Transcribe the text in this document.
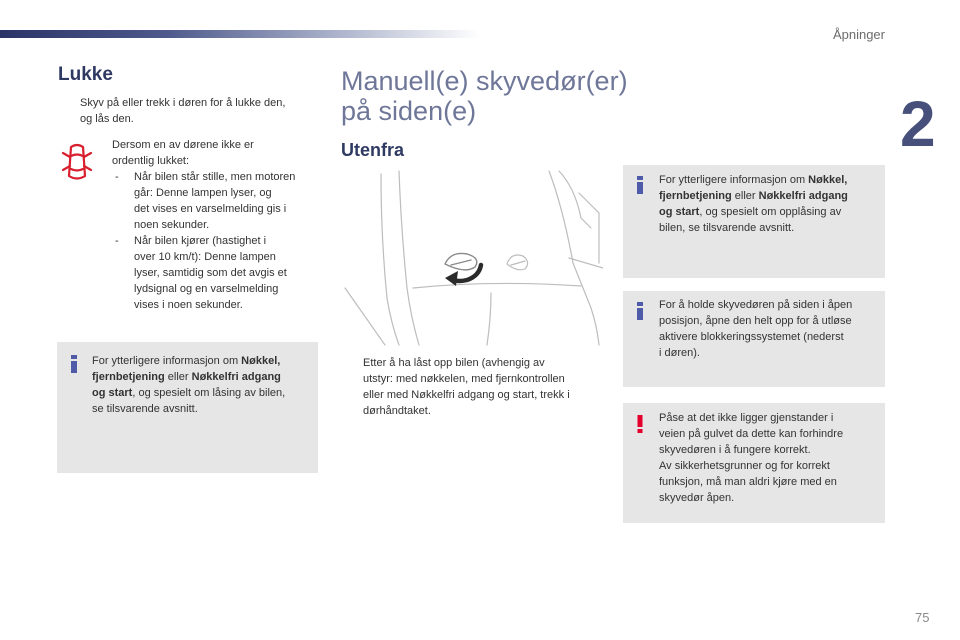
Åpninger
2
75
Lukke
Skyv på eller trekk i døren for å lukke den,
og lås den.
Dersom en av dørene ikke er
ordentlig lukket:
- Når bilen står stille, men motoren
går: Denne lampen lyser, og
det vises en varselmelding gis i
noen sekunder.
- Når bilen kjører (hastighet i
over 10 km/t): Denne lampen
lyser, samtidig som det avgis et
lydsignal og en varselmelding
vises i noen sekunder.
For ytterligere informasjon om Nøkkel,
fjernbetjening eller Nøkkelfri adgang
og start, og spesielt om låsing av bilen,
se tilsvarende avsnitt.
Manuell(e) skyvedør(er)
på siden(e)
Utenfra
Etter å ha låst opp bilen (avhengig av
utstyr: med nøkkelen, med fjernkontrollen
eller med Nøkkelfri adgang og start, trekk i
dørhåndtaket.
For ytterligere informasjon om Nøkkel,
fjernbetjening eller Nøkkelfri adgang
og start, og spesielt om opplåsing av
bilen, se tilsvarende avsnitt.
For å holde skyvedøren på siden i åpen
posisjon, åpne den helt opp for å utløse
aktivere blokkeringssystemet (nederst
i døren).
Påse at det ikke ligger gjenstander i
veien på gulvet da dette kan forhindre
skyvedøren i å fungere korrekt.
Av sikkerhetsgrunner og for korrekt
funksjon, må man aldri kjøre med en
skyvedør åpen.
